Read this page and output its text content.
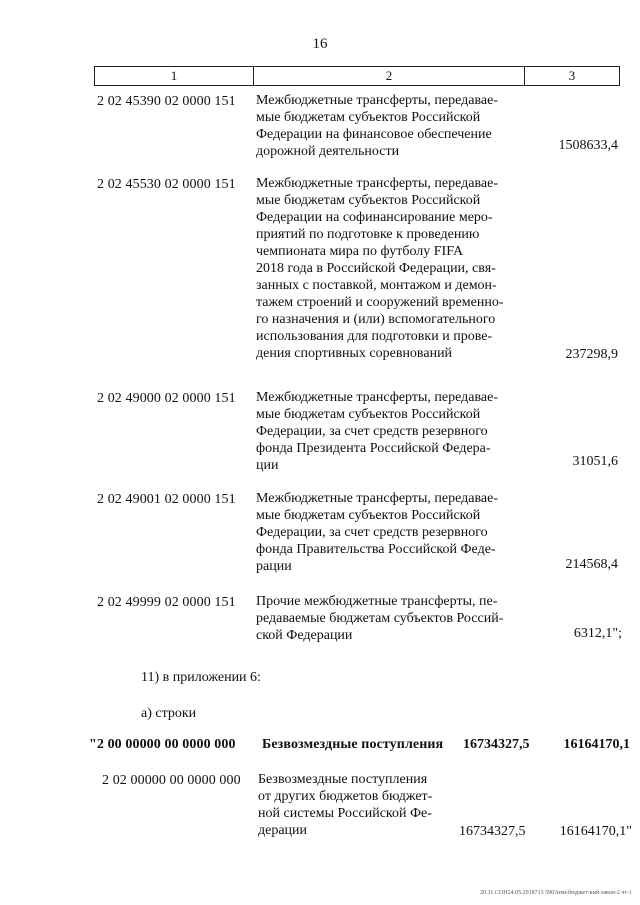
16
1	2	3
2 02 45390 02 0000 151 Межбюджетные трансферты, передавае-
мые бюджетам субъектов Российской
Федерации на финансовое обеспечение
дорожной деятельности	1508633,4
2 02 45530 02 0000 151 Межбюджетные трансферты, передавае-
мые бюджетам субъектов Российской
Федерации на софинансирование меро-
приятий по подготовке к проведению
чемпионата мира по футболу FIFA
2018 года в Российской Федерации, свя-
занных с поставкой, монтажом и демон-
тажем строений и сооружений временно-
го назначения и (или) вспомогательного
использования для подготовки и прове-
дения спортивных соревнований	237298,9
2 02 49000 02 0000 151 Межбюджетные трансферты, передавае-
мые бюджетам субъектов Российской
Федерации, за счет средств резервного
фонда Президента Российской Федера-
ции	31051,6
2 02 49001 02 0000 151 Межбюджетные трансферты, передавае-
мые бюджетам субъектов Российской
Федерации, за счет средств резервного
фонда Правительства Российской Феде-
рации	214568,4
2 02 49999 02 0000 151 Прочие межбюджетные трансферты, пе-
редаваемые бюджетам субъектов Россий-
ской Федерации	6312,1";
11) в приложении 6:
а) строки
"2 00 00000 00 0000 000 Безвозмездные поступления 16734327,5 16164170,1
2 02 00000 00 0000 000 Безвозмездные поступления
от других бюджетов бюджет-
ной системы Российской Фе-
дерации	16734327,5 16164170,1"
20.11.COH24.05.2018713 596?изм-бюджет-кий-закон-2 чт-1
